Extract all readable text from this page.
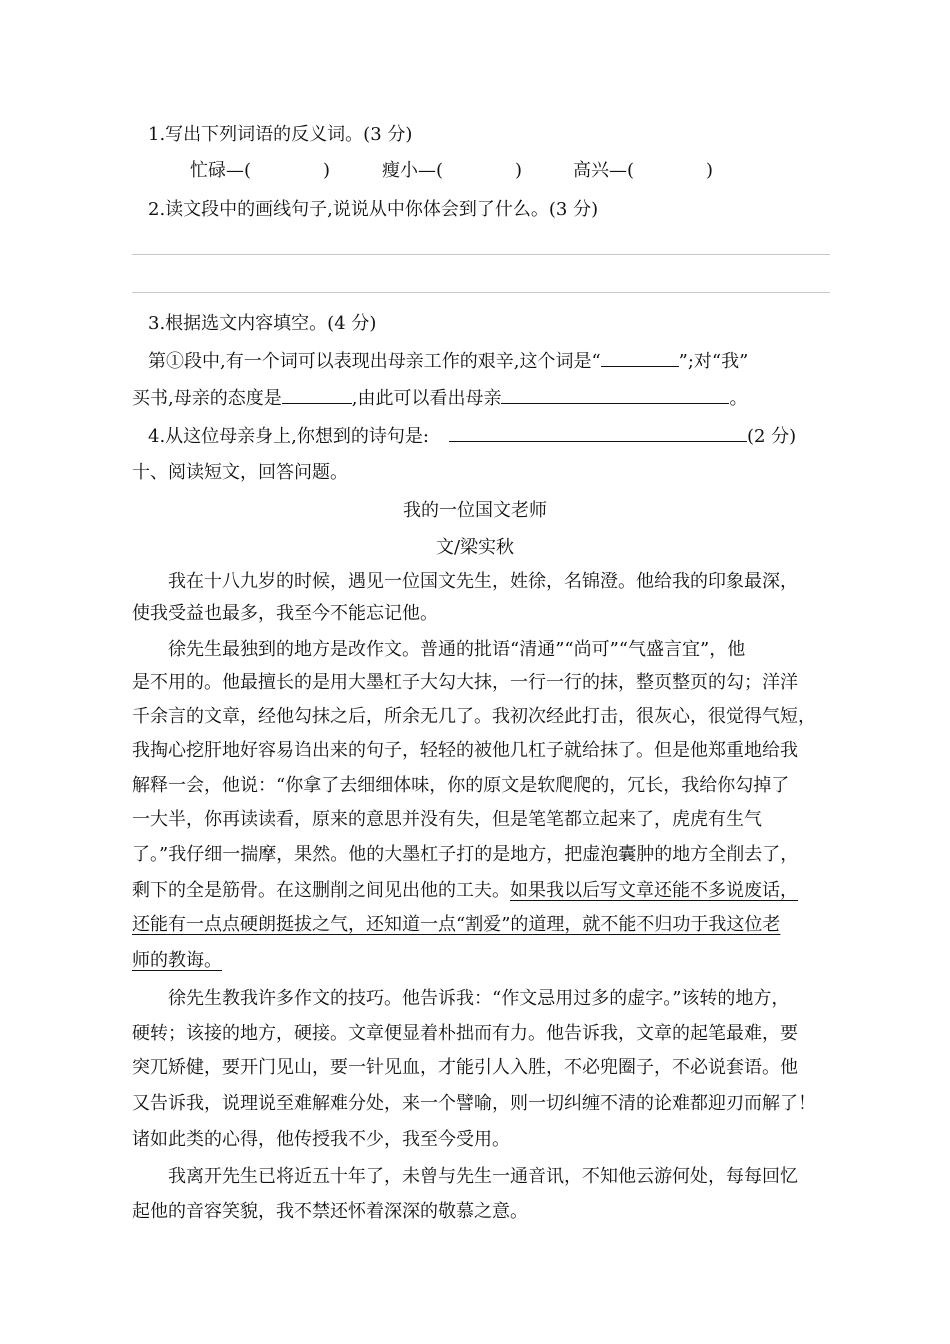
1.写出下列词语的反义词。(3 分)
忙碌—(	)	瘦小—(	)	高兴—(	)
2.读文段中的画线句子,说说从中你体会到了什么。(3 分)
3.根据选文内容填空。(4 分)
第①段中,有一个词可以表现出母亲工作的艰辛,这个词是“	”;对“我”
买书,母亲的态度是	,由此可以看出母亲	。
4.从这位母亲身上,你想到的诗句是:	(2 分)
十、阅读短文，回答问题。
我的一位国文老师
文/梁实秋
我在十八九岁的时候，遇见一位国文先生，姓徐，名锦澄。他给我的印象最深，
使我受益也最多，我至今不能忘记他。
徐先生最独到的地方是改作文。普通的批语“清通”“尚可”“气盛言宜”，他
是不用的。他最擅长的是用大墨杠子大勾大抹，一行一行的抹，整页整页的勾；洋洋
千余言的文章，经他勾抹之后，所余无几了。我初次经此打击，很灰心，很觉得气短，
我掏心挖肝地好容易诌出来的句子，轻轻的被他几杠子就给抹了。但是他郑重地给我
解释一会，他说：“你拿了去细细体味，你的原文是软爬爬的，冗长，我给你勾掉了
一大半，你再读读看，原来的意思并没有失，但是笔笔都立起来了，虎虎有生气
了。”我仔细一揣摩，果然。他的大墨杠子打的是地方，把虚泡囊肿的地方全削去了，
剩下的全是筋骨。在这删削之间见出他的工夫。如果我以后写文章还能不多说废话，
还能有一点点硬朗挺拔之气，还知道一点“割爱”的道理，就不能不归功于我这位老
师的教诲。
徐先生教我许多作文的技巧。他告诉我：“作文忌用过多的虚字。”该转的地方，
硬转；该接的地方，硬接。文章便显着朴拙而有力。他告诉我，文章的起笔最难，要
突兀矫健，要开门见山，要一针见血，才能引人入胜，不必兜圈子，不必说套语。他
又告诉我，说理说至难解难分处，来一个譬喻，则一切纠缠不清的论难都迎刃而解了！
诸如此类的心得，他传授我不少，我至今受用。
我离开先生已将近五十年了，未曾与先生一通音讯，不知他云游何处，每每回忆
起他的音容笑貌，我不禁还怀着深深的敬慕之意。
